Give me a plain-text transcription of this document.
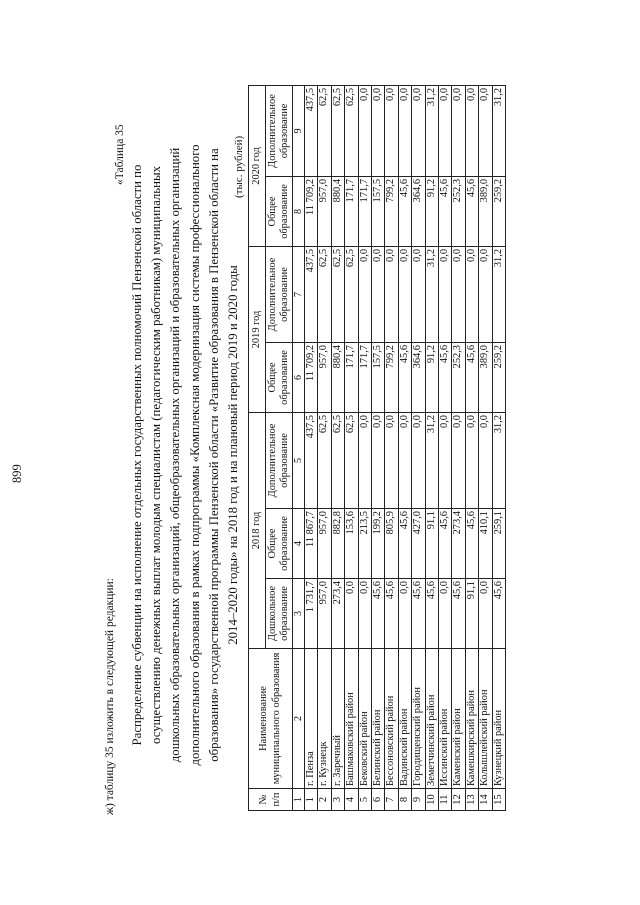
899
ж) таблицу 35 изложить в следующей редакции:
«Таблица 35

Распределение субвенции на исполнение отдельных государственных полномочий Пензенской области по осуществлению денежных выплат молодым специалистам (педагогическим работникам) муниципальных дошкольных образовательных организаций, общеобразовательных организаций и образовательных организаций дополнительного образования в рамках подпрограммы «Комплексная модернизация системы профессионального образования» государственной программы Пензенской области «Развитие образования в Пензенской области на 2014–2020 годы» на 2018 год и на плановый период 2019 и 2020 годы

(тыс. рублей)
№ п/п	Наименование муниципального образования	2018 год			2019 год		2020 год	
		Дошкольное образование	Общее образование	Дополнительное образование	Общее образование	Дополнительное образование	Общее образование	Дополнительное образование
1	2	3	4	5	6	7	8	9
1	г. Пенза	1 731,7	11 867,7	437,5	11 709,2	437,5	11 709,2	437,5
2	г. Кузнецк	957,0	957,0	62,5	957,0	62,5	957,0	62,5
3	г. Заречный	273,4	882,8	62,5	880,4	62,5	880,4	62,5
4	Башмаковский район	0,0	153,6	62,5	171,7	62,5	171,7	62,5
5	Бековский район	0,0	213,5	0,0	171,7	0,0	171,7	0,0
6	Белинский район	45,6	199,2	0,0	157,5	0,0	157,5	0,0
7	Бессоновский район	45,6	805,9	0,0	799,2	0,0	799,2	0,0
8	Вадинский район	0,0	45,6	0,0	45,6	0,0	45,6	0,0
9	Городищенский район	45,6	427,0	0,0	364,6	0,0	364,6	0,0
10	Земетчинский район	45,6	91,1	31,2	91,2	31,2	91,2	31,2
11	Иссинский район	0,0	45,6	0,0	45,6	0,0	45,6	0,0
12	Каменский район	45,6	273,4	0,0	252,3	0,0	252,3	0,0
13	Камешкирский район	91,1	45,6	0,0	45,6	0,0	45,6	0,0
14	Колышлейский район	0,0	410,1	0,0	389,0	0,0	389,0	0,0
15	Кузнецкий район	45,6	259,1	31,2	259,2	31,2	259,2	31,2
